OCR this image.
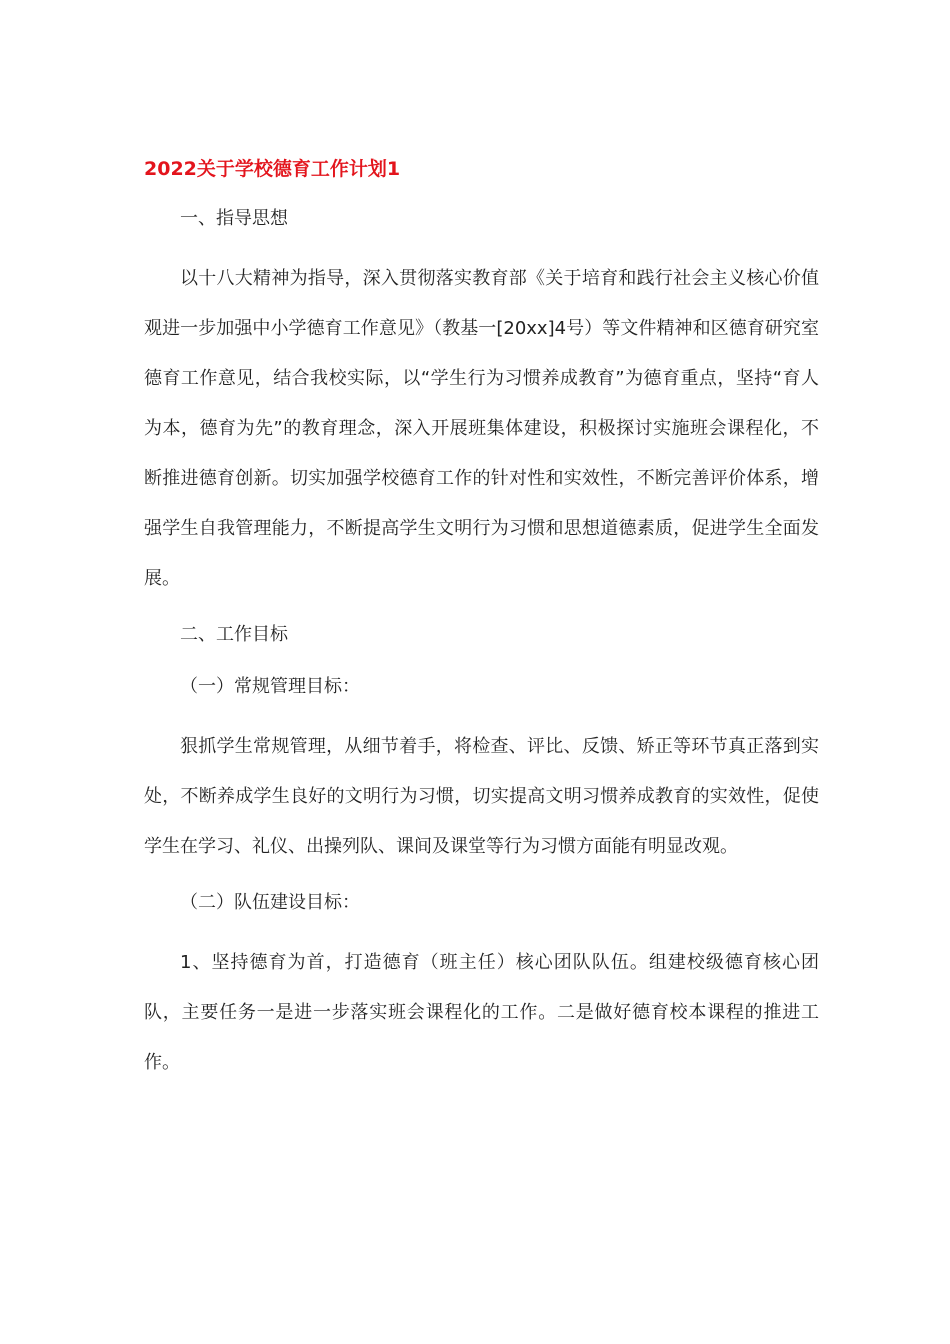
2022关于学校德育工作计划1
一、指导思想
以十八大精神为指导，深入贯彻落实教育部《关于培育和践行社会主义核心价值观进一步加强中小学德育工作意见》（教基一[20xx]4号）等文件精神和区德育研究室德育工作意见，结合我校实际，以“学生行为习惯养成教育”为德育重点，坚持“育人为本，德育为先”的教育理念，深入开展班集体建设，积极探讨实施班会课程化，不断推进德育创新。切实加强学校德育工作的针对性和实效性，不断完善评价体系，增强学生自我管理能力，不断提高学生文明行为习惯和思想道德素质，促进学生全面发展。
二、工作目标
（一）常规管理目标：
狠抓学生常规管理，从细节着手，将检查、评比、反馈、矫正等环节真正落到实处，不断养成学生良好的文明行为习惯，切实提高文明习惯养成教育的实效性，促使学生在学习、礼仪、出操列队、课间及课堂等行为习惯方面能有明显改观。
（二）队伍建设目标：
1、坚持德育为首，打造德育（班主任）核心团队队伍。组建校级德育核心团队，主要任务一是进一步落实班会课程化的工作。二是做好德育校本课程的推进工作。
